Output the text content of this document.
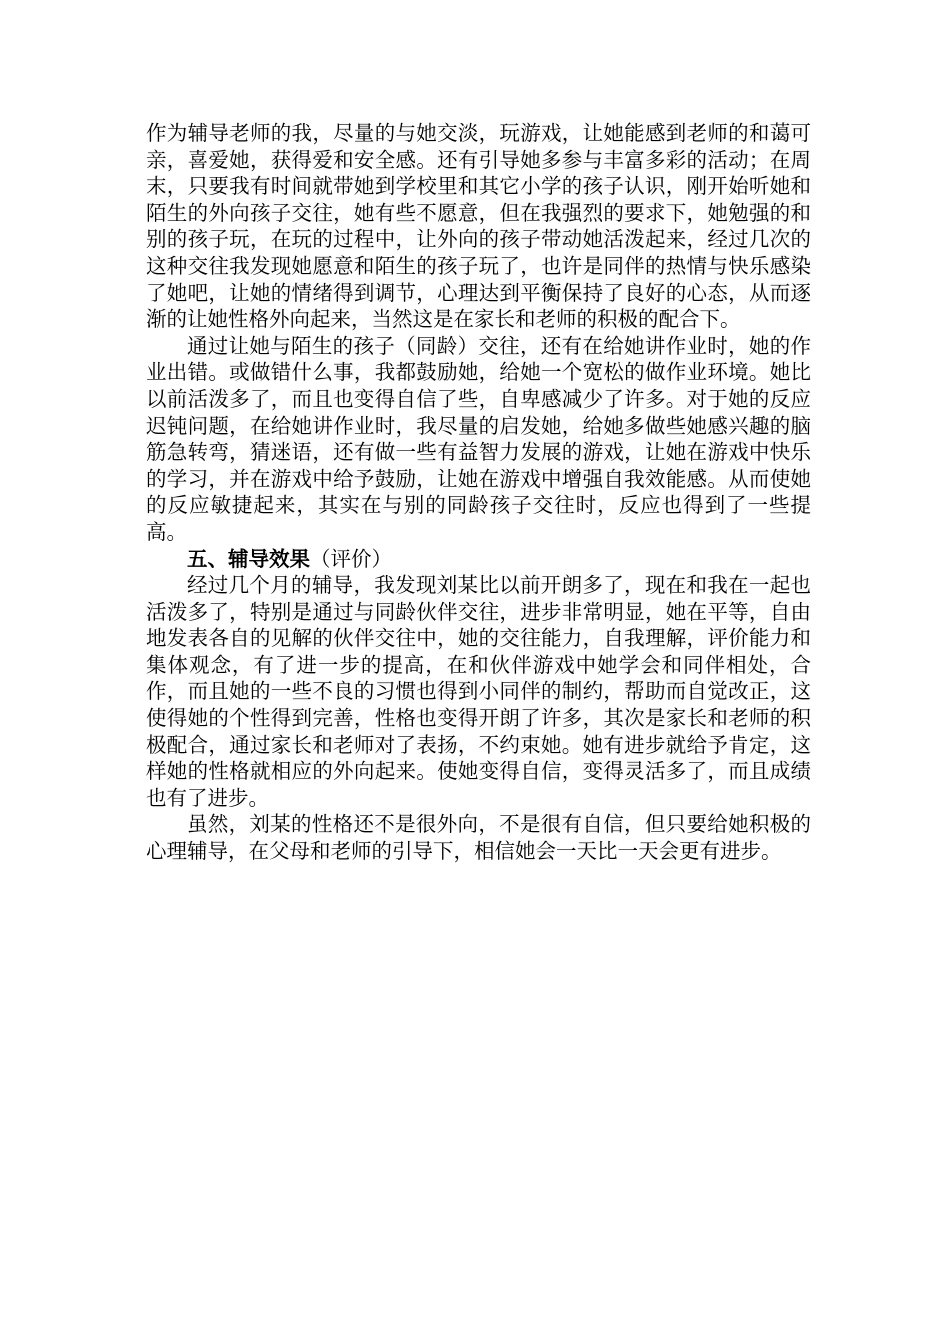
作为辅导老师的我，尽量的与她交淡，玩游戏，让她能感到老师的和蔼可亲，喜爱她，获得爱和安全感。还有引导她多参与丰富多彩的活动；在周末，只要我有时间就带她到学校里和其它小学的孩子认识，刚开始听她和陌生的外向孩子交往，她有些不愿意，但在我强烈的要求下，她勉强的和别的孩子玩，在玩的过程中，让外向的孩子带动她活泼起来，经过几次的这种交往我发现她愿意和陌生的孩子玩了，也许是同伴的热情与快乐感染了她吧，让她的情绪得到调节，心理达到平衡保持了良好的心态，从而逐渐的让她性格外向起来，当然这是在家长和老师的积极的配合下。

通过让她与陌生的孩子（同龄）交往，还有在给她讲作业时，她的作业出错。或做错什么事，我都鼓励她，给她一个宽松的做作业环境。她比以前活泼多了，而且也变得自信了些，自卑感减少了许多。对于她的反应迟钝问题，在给她讲作业时，我尽量的启发她，给她多做些她感兴趣的脑筋急转弯，猜迷语，还有做一些有益智力发展的游戏，让她在游戏中快乐的学习，并在游戏中给予鼓励，让她在游戏中增强自我效能感。从而使她的反应敏捷起来，其实在与别的同龄孩子交往时，反应也得到了一些提高。

五、辅导效果（评价）

经过几个月的辅导，我发现刘某比以前开朗多了，现在和我在一起也活泼多了，特别是通过与同龄伙伴交往，进步非常明显，她在平等，自由地发表各自的见解的伙伴交往中，她的交往能力，自我理解，评价能力和集体观念，有了进一步的提高，在和伙伴游戏中她学会和同伴相处，合作，而且她的一些不良的习惯也得到小同伴的制约，帮助而自觉改正，这使得她的个性得到完善，性格也变得开朗了许多，其次是家长和老师的积极配合，通过家长和老师对了表扬，不约束她。她有进步就给予肯定，这样她的性格就相应的外向起来。使她变得自信，变得灵活多了，而且成绩也有了进步。

虽然，刘某的性格还不是很外向，不是很有自信，但只要给她积极的心理辅导，在父母和老师的引导下，相信她会一天比一天会更有进步。
